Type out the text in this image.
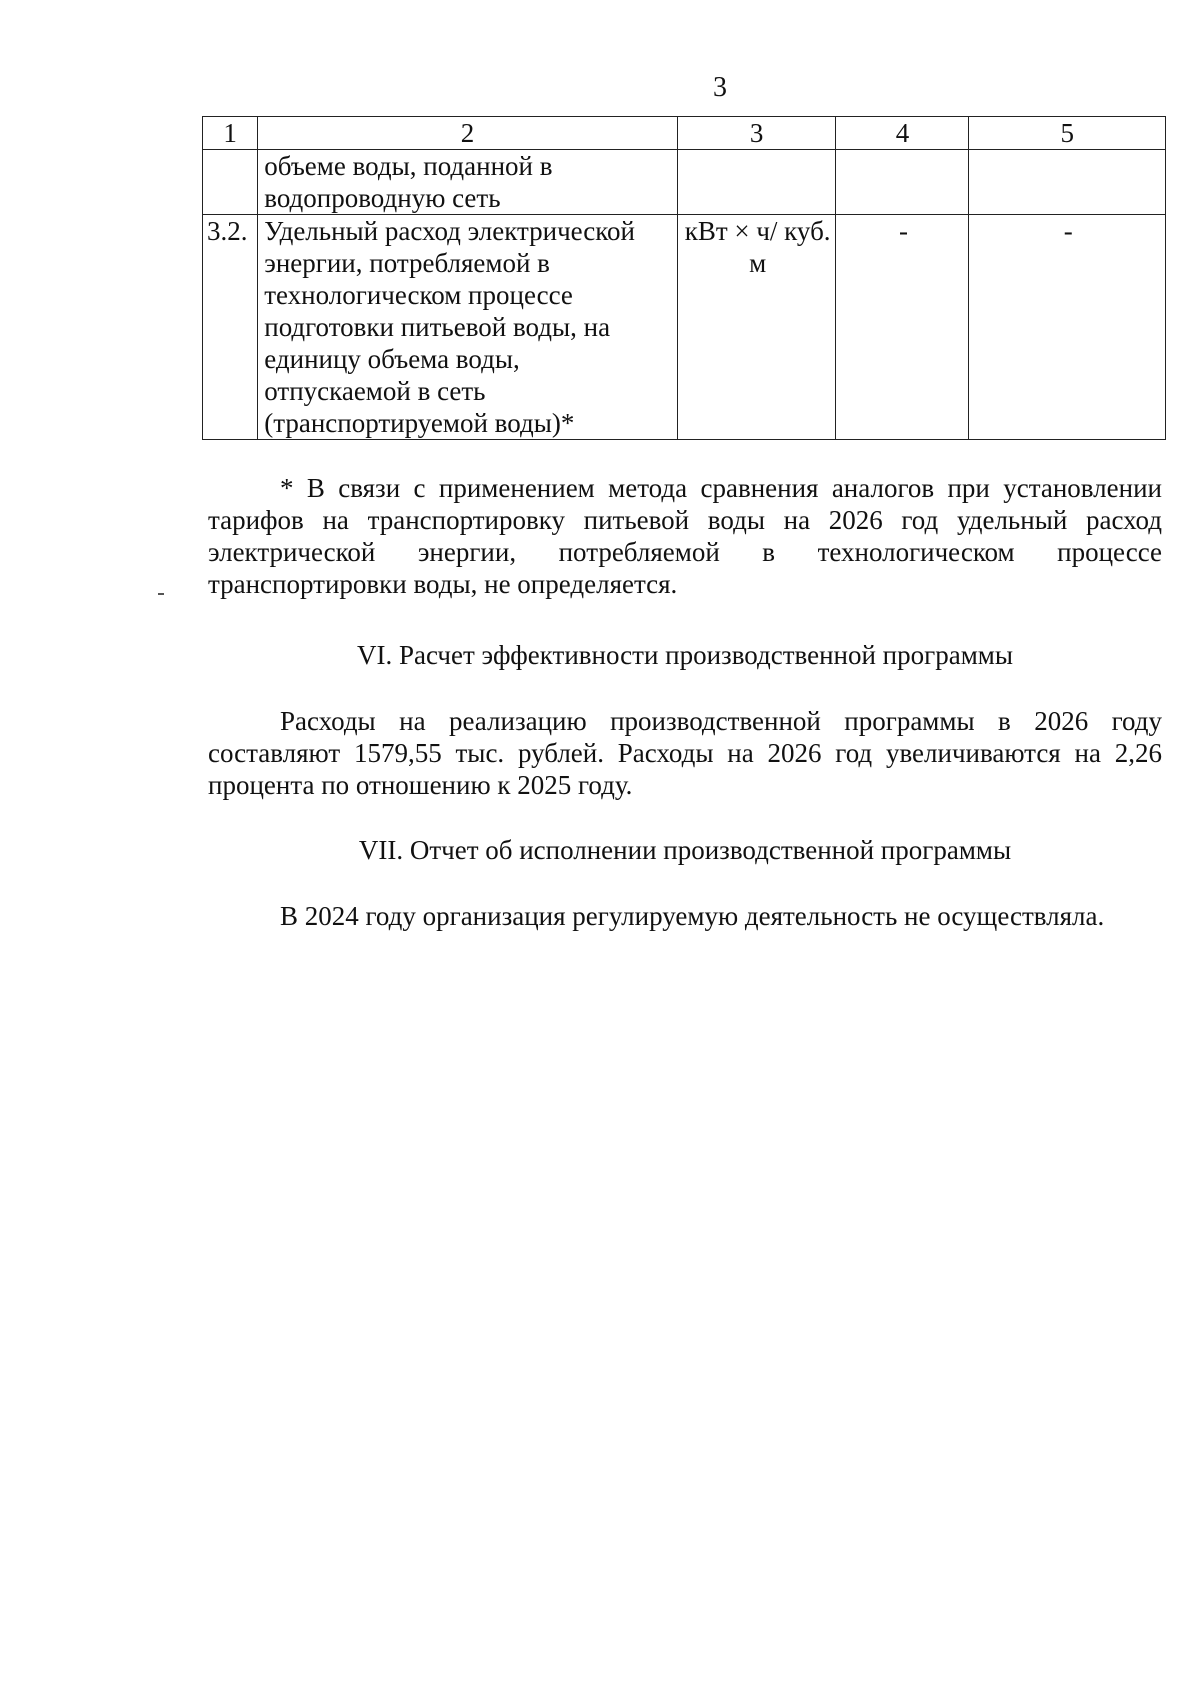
3
1	2	3	4	5
	объеме воды, поданной в водопроводную сеть			
3.2.	Удельный расход электрической энергии, потребляемой в технологическом процессе подготовки питьевой воды, на единицу объема воды, отпускаемой в сеть (транспортируемой воды)*	кВт × ч/ куб. м	-	-

* В связи с применением метода сравнения аналогов при установлении тарифов на транспортировку питьевой воды на 2026 год удельный расход электрической энергии, потребляемой в технологическом процессе транспортировки воды, не определяется.

VI. Расчет эффективности производственной программы

Расходы на реализацию производственной программы в 2026 году составляют 1579,55 тыс. рублей. Расходы на 2026 год увеличиваются на 2,26 процента по отношению к 2025 году.

VII. Отчет об исполнении производственной программы

В 2024 году организация регулируемую деятельность не осуществляла.
